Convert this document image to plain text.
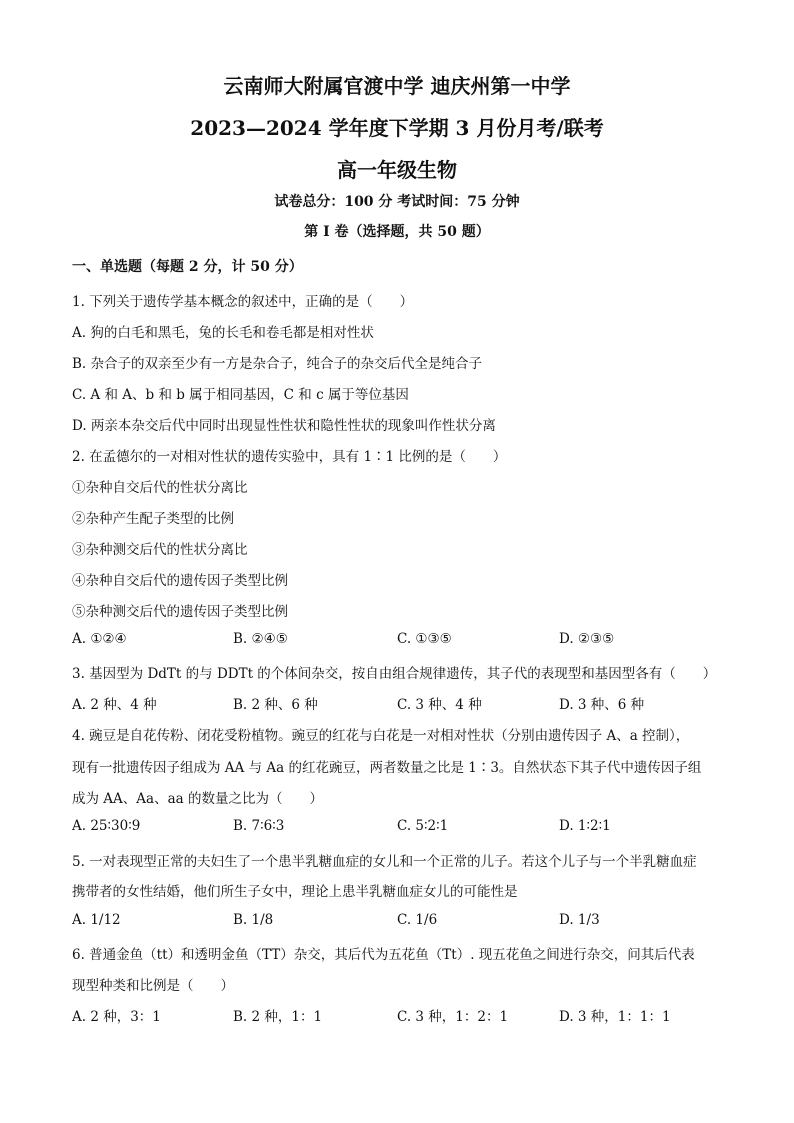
云南师大附属官渡中学 迪庆州第一中学
2023—2024 学年度下学期 3 月份月考/联考
高一年级生物
试卷总分：100 分 考试时间：75 分钟
第 I 卷（选择题，共 50 题）
一、单选题（每题 2 分，计 50 分）
1. 下列关于遗传学基本概念的叙述中，正确的是（　　）
A. 狗的白毛和黑毛，兔的长毛和卷毛都是相对性状
B. 杂合子的双亲至少有一方是杂合子，纯合子的杂交后代全是纯合子
C. A 和 A、b 和 b 属于相同基因，C 和 c 属于等位基因
D. 两亲本杂交后代中同时出现显性性状和隐性性状的现象叫作性状分离
2. 在孟德尔的一对相对性状的遗传实验中，具有 1∶1 比例的是（　　）
①杂种自交后代的性状分离比
②杂种产生配子类型的比例
③杂种测交后代的性状分离比
④杂种自交后代的遗传因子类型比例
⑤杂种测交后代的遗传因子类型比例
A. ①②④	B. ②④⑤	C. ①③⑤	D. ②③⑤
3. 基因型为 DdTt 的与 DDTt 的个体间杂交，按自由组合规律遗传，其子代的表现型和基因型各有（　　）
A. 2 种、4 种	B. 2 种、6 种	C. 3 种、4 种	D. 3 种、6 种
4. 豌豆是自花传粉、闭花受粉植物。豌豆的红花与白花是一对相对性状（分别由遗传因子 A、a 控制），
现有一批遗传因子组成为 AA 与 Aa 的红花豌豆，两者数量之比是 1∶3。自然状态下其子代中遗传因子组
成为 AA、Aa、aa 的数量之比为（　　）
A. 25∶30∶9	B. 7∶6∶3	C. 5∶2∶1	D. 1∶2∶1
5. 一对表现型正常的夫妇生了一个患半乳糖血症的女儿和一个正常的儿子。若这个儿子与一个半乳糖血症
携带者的女性结婚，他们所生子女中，理论上患半乳糖血症女儿的可能性是
A. 1/12	B. 1/8	C. 1/6	D. 1/3
6. 普通金鱼（tt）和透明金鱼（TT）杂交，其后代为五花鱼（Tt）. 现五花鱼之间进行杂交，问其后代表
现型种类和比例是（　　）
A. 2 种，3：1	B. 2 种，1：1	C. 3 种，1：2：1	D. 3 种，1：1：1
